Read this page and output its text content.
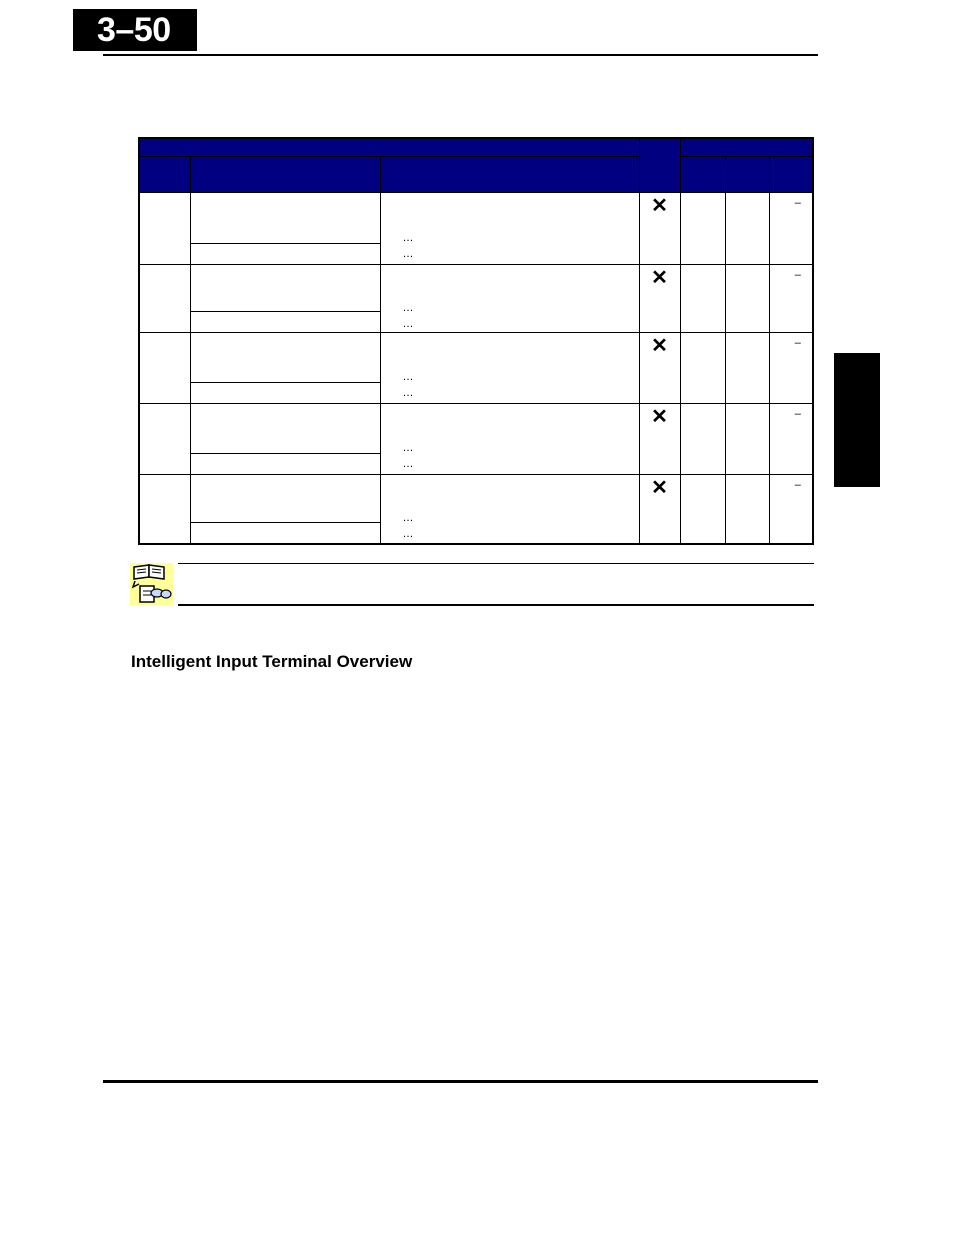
3–50

		…
…	✕			–

		…
…	✕			–

		…
…	✕			–

		…
…	✕			–

		…
…	✕			–
Intelligent Input Terminal Overview
